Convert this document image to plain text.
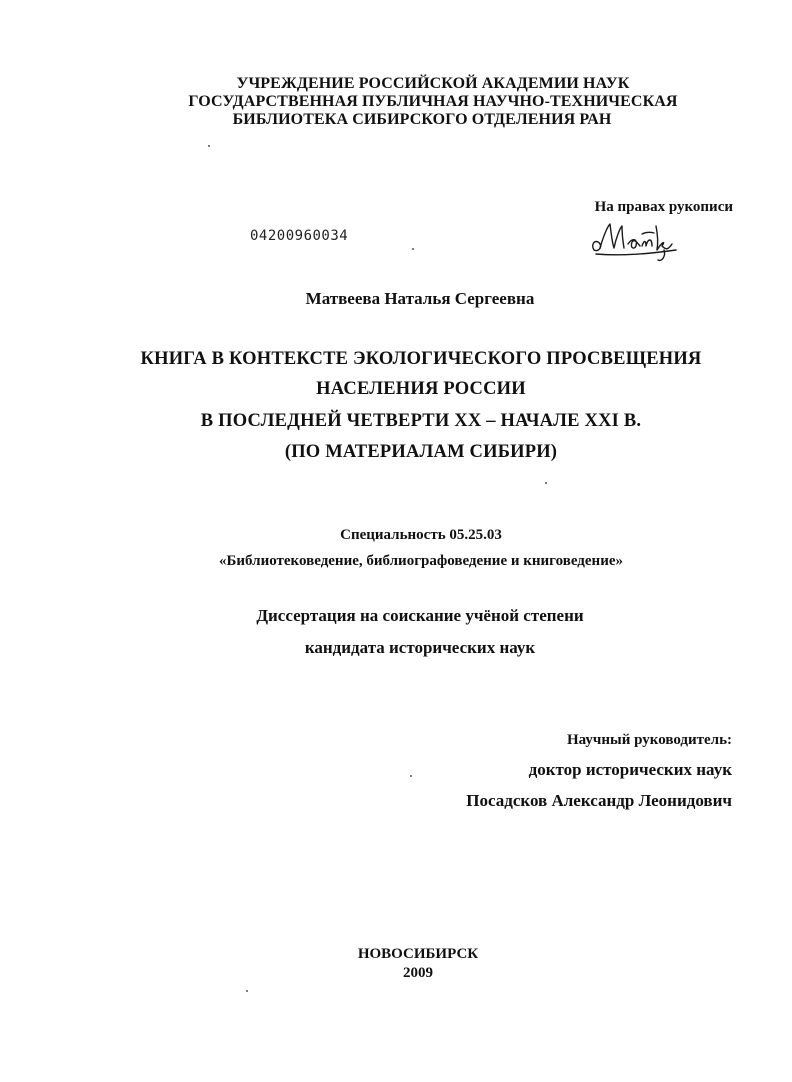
УЧРЕЖДЕНИЕ РОССИЙСКОЙ АКАДЕМИИ НАУК
ГОСУДАРСТВЕННАЯ ПУБЛИЧНАЯ НАУЧНО-ТЕХНИЧЕСКАЯ
БИБЛИОТЕКА СИБИРСКОГО ОТДЕЛЕНИЯ РАН
На правах рукописи
04200960034
Матвеева Наталья Сергеевна
КНИГА В КОНТЕКСТЕ ЭКОЛОГИЧЕСКОГО ПРОСВЕЩЕНИЯ
НАСЕЛЕНИЯ РОССИИ
В ПОСЛЕДНЕЙ ЧЕТВЕРТИ XX – НАЧАЛЕ XXI В.
(ПО МАТЕРИАЛАМ СИБИРИ)
Специальность 05.25.03
«Библиотековедение, библиографоведение и книговедение»
Диссертация на соискание учёной степени
кандидата исторических наук
Научный руководитель:
доктор исторических наук
Посадсков Александр Леонидович
НОВОСИБИРСК
2009
